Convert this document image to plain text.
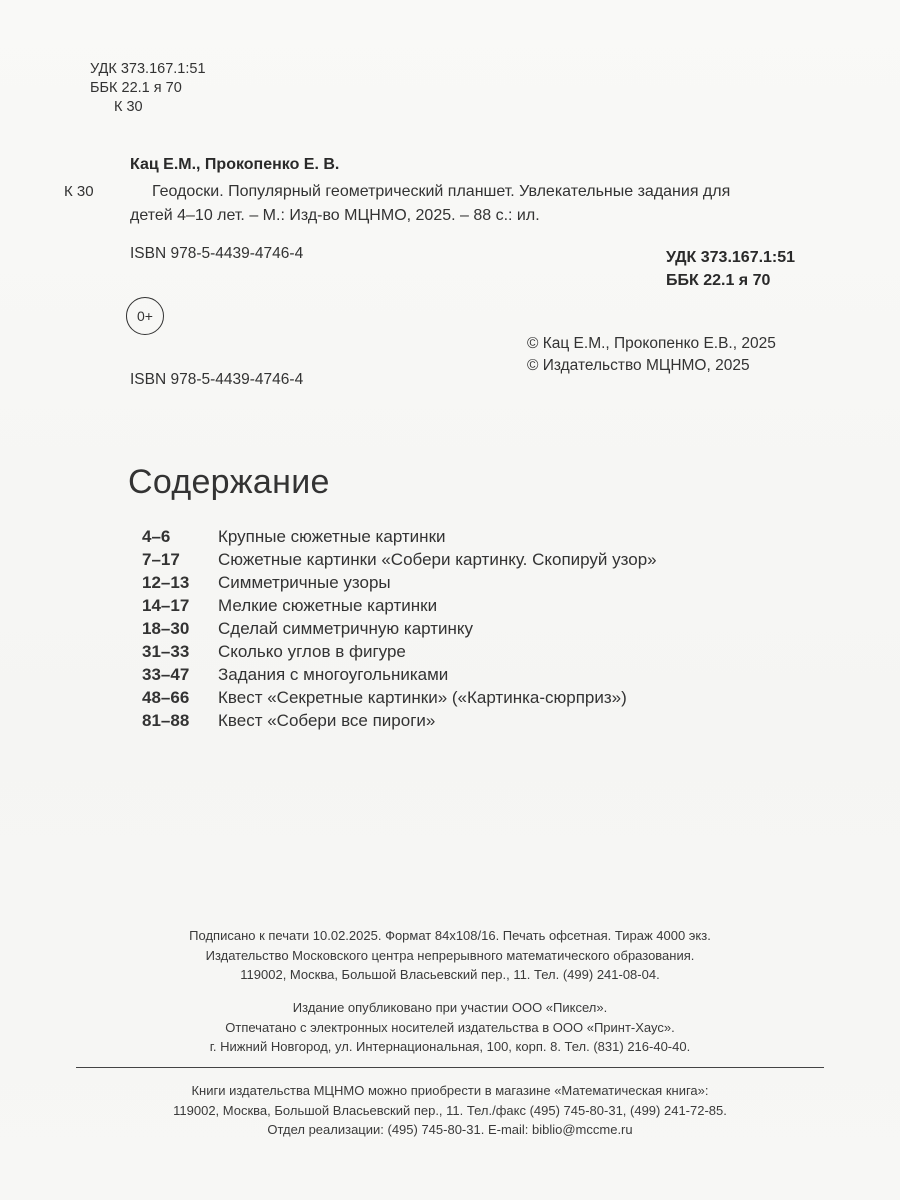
УДК 373.167.1:51
ББК 22.1 я 70
К 30
К 30
Кац Е.М., Прокопенко Е. В.
Геодоски. Популярный геометрический планшет. Увлекательные задания для
детей 4–10 лет. – М.: Изд-во МЦНМО, 2025. – 88 с.: ил.
ISBN 978-5-4439-4746-4	УДК 373.167.1:51
ББК 22.1 я 70
0+
© Кац Е.М., Прокопенко Е.В., 2025
© Издательство МЦНМО, 2025
ISBN 978-5-4439-4746-4
Содержание
4–6	Крупные сюжетные картинки
7–17	Сюжетные картинки «Собери картинку. Скопируй узор»
12–13	Симметричные узоры
14–17	Мелкие сюжетные картинки
18–30	Сделай симметричную картинку
31–33	Сколько углов в фигуре
33–47	Задания с многоугольниками
48–66	Квест «Секретные картинки» («Картинка-сюрприз»)
81–88	Квест «Собери все пироги»
Подписано к печати 10.02.2025. Формат 84x108/16. Печать офсетная. Тираж 4000 экз.
Издательство Московского центра непрерывного математического образования.
119002, Москва, Большой Власьевский пер., 11. Тел. (499) 241-08-04.
Издание опубликовано при участии ООО «Пиксел».
Отпечатано с электронных носителей издательства в ООО «Принт-Хаус».
г. Нижний Новгород, ул. Интернациональная, 100, корп. 8. Тел. (831) 216-40-40.
Книги издательства МЦНМО можно приобрести в магазине «Математическая книга»:
119002, Москва, Большой Власьевский пер., 11. Тел./факс (495) 745-80-31, (499) 241-72-85.
Отдел реализации: (495) 745-80-31. E-mail: biblio@mccme.ru
